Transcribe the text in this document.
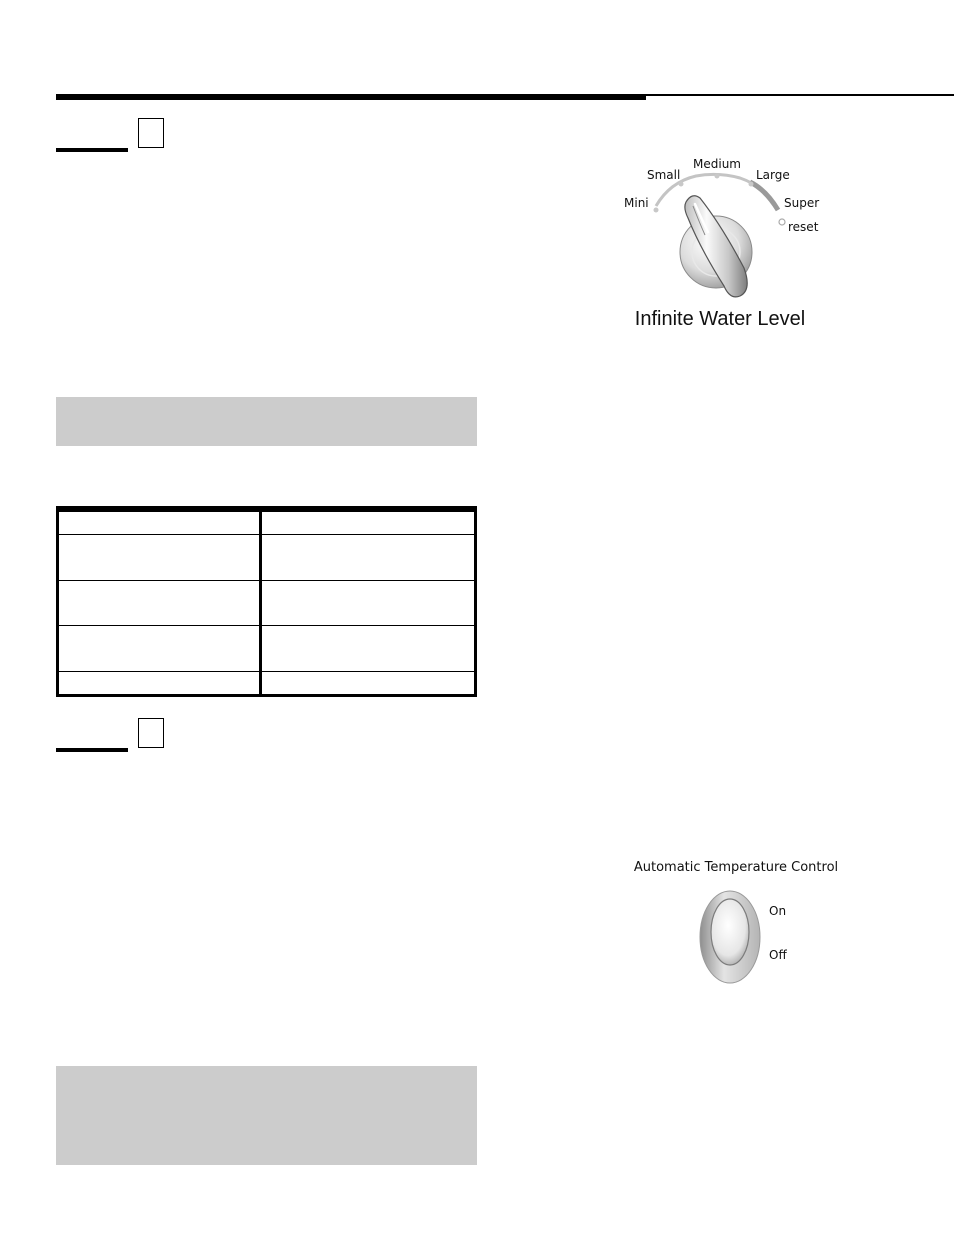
Mini
Small
Medium
Large
Super
reset
Infinite Water Level
Automatic Temperature Control
On
Off
